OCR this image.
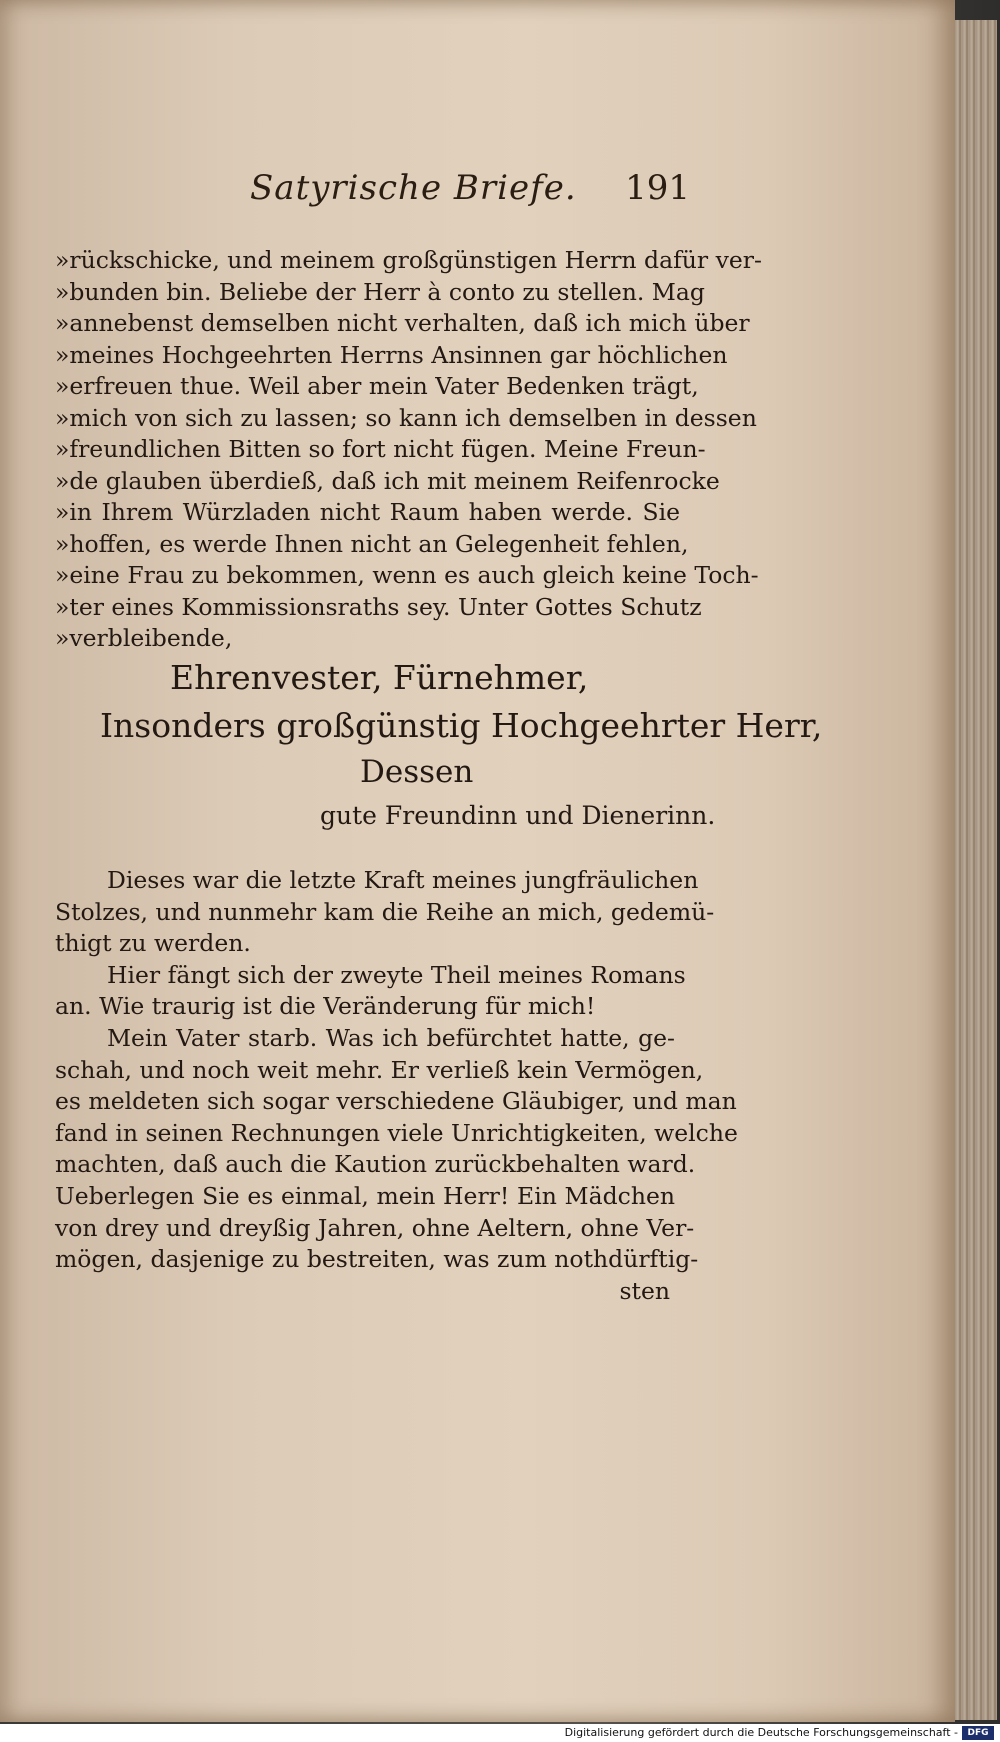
Satyrische Briefe. 191
»rückschicke, und meinem großgünstigen Herrn dafür ver-
»bunden bin. Beliebe der Herr à conto zu stellen. Mag
»annebenst demselben nicht verhalten, daß ich mich über
»meines Hochgeehrten Herrns Ansinnen gar höchlichen
»erfreuen thue. Weil aber mein Vater Bedenken trägt,
»mich von sich zu lassen; so kann ich demselben in dessen
»freundlichen Bitten so fort nicht fügen. Meine Freun-
»de glauben überdieß, daß ich mit meinem Reifenrocke
»in Ihrem Würzladen nicht Raum haben werde. Sie
»hoffen, es werde Ihnen nicht an Gelegenheit fehlen,
»eine Frau zu bekommen, wenn es auch gleich keine Toch-
»ter eines Kommissionsraths sey. Unter Gottes Schutz
»verbleibende,
Ehrenvester, Fürnehmer,
Insonders großgünstig Hochgeehrter Herr,
Dessen
gute Freundinn und Dienerinn.
Dieses war die letzte Kraft meines jungfräulichen
Stolzes, und nunmehr kam die Reihe an mich, gedemü-
thigt zu werden.
Hier fängt sich der zweyte Theil meines Romans
an. Wie traurig ist die Veränderung für mich!
Mein Vater starb. Was ich befürchtet hatte, ge-
schah, und noch weit mehr. Er verließ kein Vermögen,
es meldeten sich sogar verschiedene Gläubiger, und man
fand in seinen Rechnungen viele Unrichtigkeiten, welche
machten, daß auch die Kaution zurückbehalten ward.
Ueberlegen Sie es einmal, mein Herr! Ein Mädchen
von drey und dreyßig Jahren, ohne Aeltern, ohne Ver-
mögen, dasjenige zu bestreiten, was zum nothdürftig-
sten
Digitalisierung gefördert durch die Deutsche Forschungsgemeinschaft -	DFG
